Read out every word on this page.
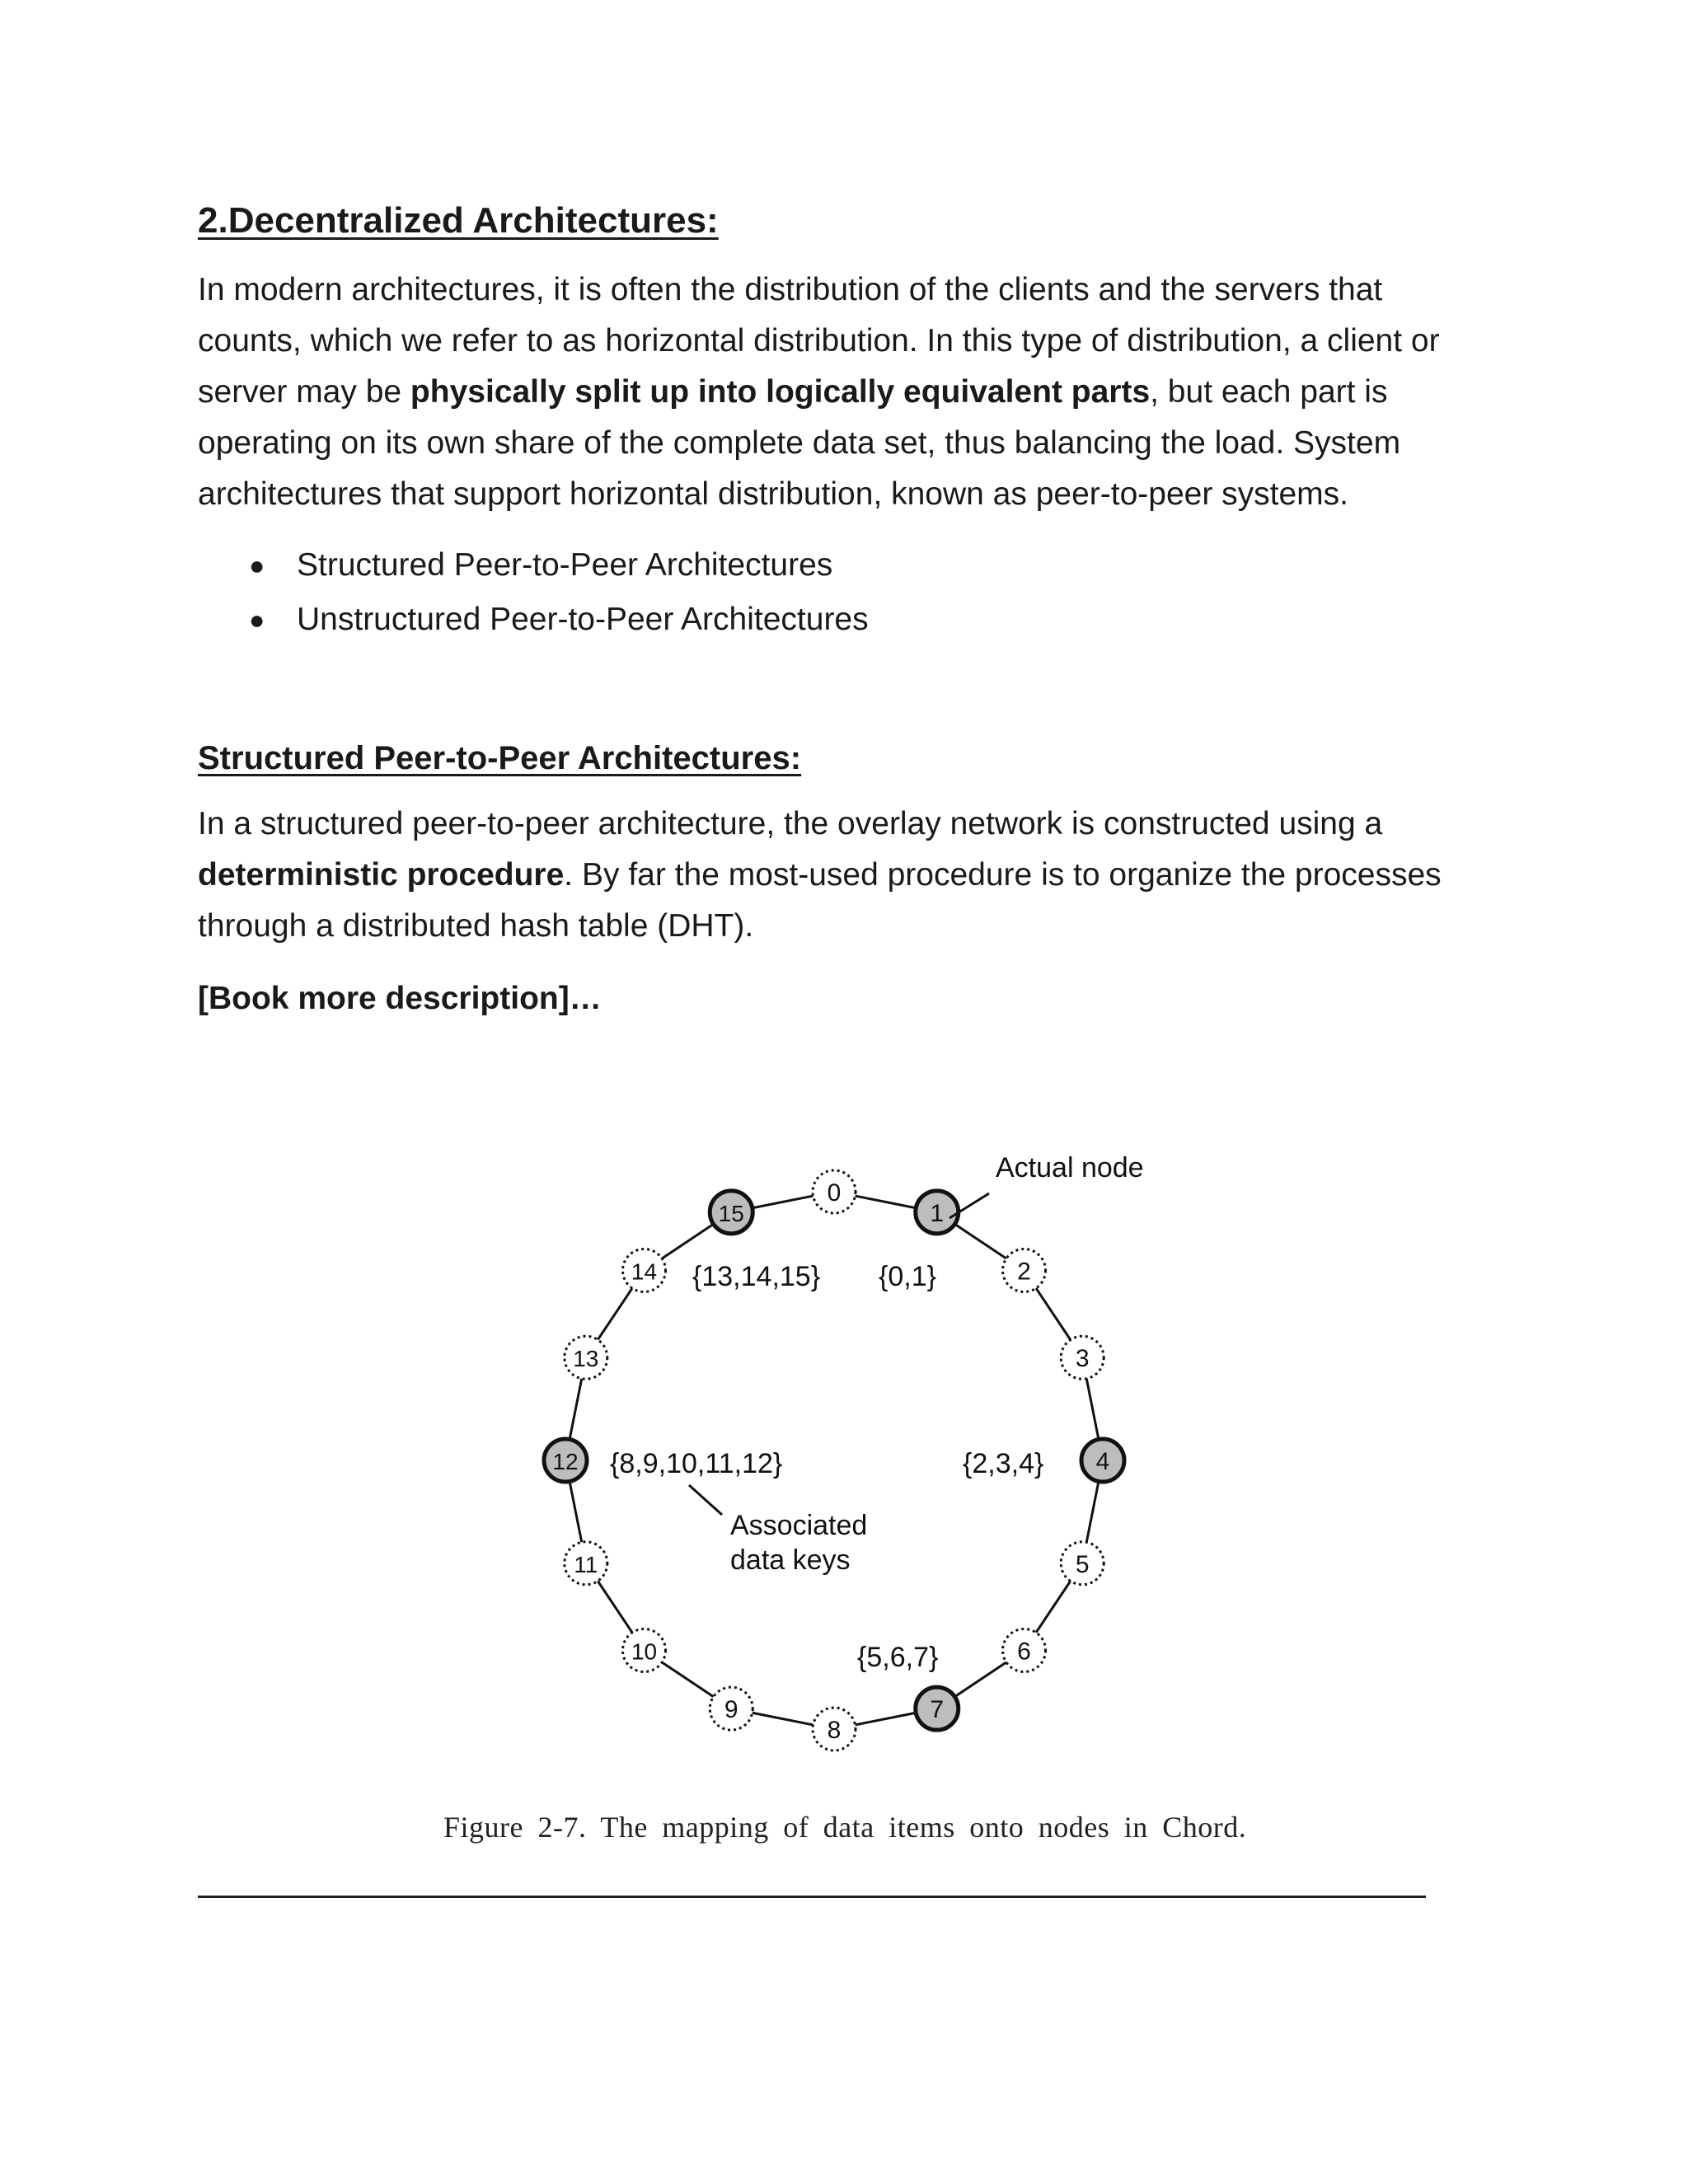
2.Decentralized Architectures:

In modern architectures, it is often the distribution of the clients and the servers that counts, which we refer to as horizontal distribution. In this type of distribution, a client or server may be physically split up into logically equivalent parts, but each part is operating on its own share of the complete data set, thus balancing the load. System architectures that support horizontal distribution, known as peer-to-peer systems.

● Structured Peer-to-Peer Architectures
● Unstructured Peer-to-Peer Architectures
Structured Peer-to-Peer Architectures:

In a structured peer-to-peer architecture, the overlay network is constructed using a deterministic procedure. By far the most-used procedure is to organize the processes through a distributed hash table (DHT).

[Book more description]…

0
1
2
3
4
5
6
7
8
9
10
11
12
13
14
15
Actual node
{13,14,15} {0,1}
{8,9,10,11,12}	{2,3,4}
{5,6,7}
Associated
data keys
Figure 2-7. The mapping of data items onto nodes in Chord.
